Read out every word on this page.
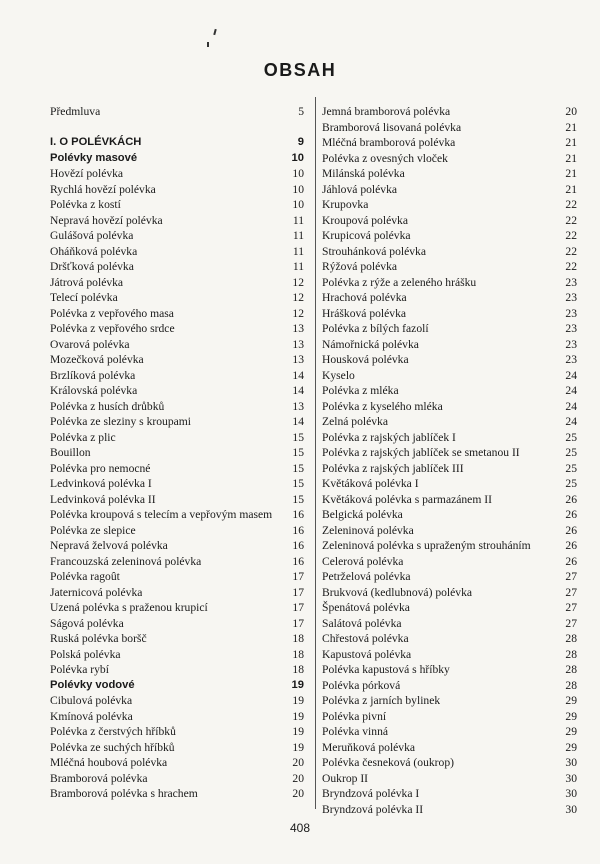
OBSAH
Předmluva	5
I. O POLÉVKÁCH	9
Polévky masové	10
Hovězí polévka	10
Rychlá hovězí polévka	10
Polévka z kostí	10
Nepravá hovězí polévka	11
Gulášová polévka	11
Oháňková polévka	11
Dršťková polévka	11
Játrová polévka	12
Telecí polévka	12
Polévka z vepřového masa	12
Polévka z vepřového srdce	13
Ovarová polévka	13
Mozečková polévka	13
Brzlíková polévka	14
Královská polévka	14
Polévka z husích drůbků	13
Polévka ze sleziny s kroupami	14
Polévka z plic	15
Bouillon	15
Polévka pro nemocné	15
Ledvinková polévka I	15
Ledvinková polévka II	15
Polévka kroupová s telecím a vepřovým masem	16
Polévka ze slepice	16
Nepravá želvová polévka	16
Francouzská zeleninová polévka	16
Polévka ragoût	17
Jaternicová polévka	17
Uzená polévka s praženou krupicí	17
Ságová polévka	17
Ruská polévka boršč	18
Polská polévka	18
Polévka rybí	18
Polévky vodové	19
Cibulová polévka	19
Kmínová polévka	19
Polévka z čerstvých hříbků	19
Polévka ze suchých hříbků	19
Mléčná houbová polévka	20
Bramborová polévka	20
Bramborová polévka s hrachem	20
Jemná bramborová polévka	20
Bramborová lisovaná polévka	21
Mléčná bramborová polévka	21
Polévka z ovesných vloček	21
Milánská polévka	21
Jáhlová polévka	21
Krupovka	22
Kroupová polévka	22
Krupicová polévka	22
Strouhánková polévka	22
Rýžová polévka	22
Polévka z rýže a zeleného hrášku	23
Hrachová polévka	23
Hrášková polévka	23
Polévka z bílých fazolí	23
Námořnická polévka	23
Housková polévka	23
Kyselo	24
Polévka z mléka	24
Polévka z kyselého mléka	24
Zelná polévka	24
Polévka z rajských jablíček I	25
Polévka z rajských jablíček se smetanou II	25
Polévka z rajských jablíček III	25
Květáková polévka I	25
Květáková polévka s parmazánem II	26
Belgická polévka	26
Zeleninová polévka	26
Zeleninová polévka s upraženým strouháním	26
Celerová polévka	26
Petrželová polévka	27
Brukvová (kedlubnová) polévka	27
Špenátová polévka	27
Salátová polévka	27
Chřestová polévka	28
Kapustová polévka	28
Polévka kapustová s hříbky	28
Polévka pórková	28
Polévka z jarních bylinek	29
Polévka pivní	29
Polévka vinná	29
Meruňková polévka	29
Polévka česneková (oukrop)	30
Oukrop II	30
Bryndzová polévka I	30
Bryndzová polévka II	30
408
